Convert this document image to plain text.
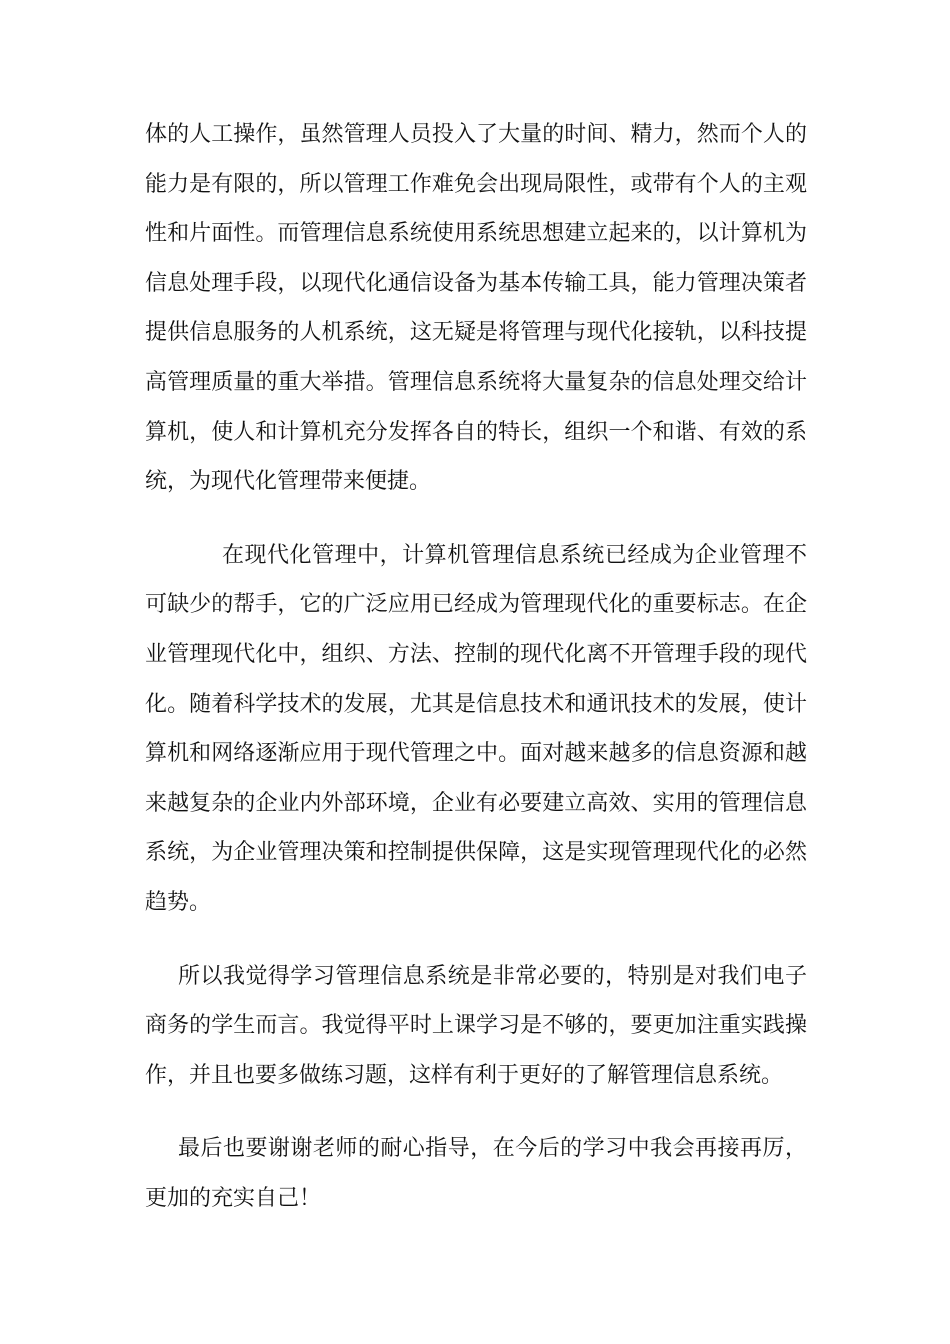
体的人工操作，虽然管理人员投入了大量的时间、精力，然而个人的能力是有限的，所以管理工作难免会出现局限性，或带有个人的主观性和片面性。而管理信息系统使用系统思想建立起来的，以计算机为信息处理手段，以现代化通信设备为基本传输工具，能力管理决策者提供信息服务的人机系统，这无疑是将管理与现代化接轨，以科技提高管理质量的重大举措。管理信息系统将大量复杂的信息处理交给计算机，使人和计算机充分发挥各自的特长，组织一个和谐、有效的系统，为现代化管理带来便捷。

在现代化管理中，计算机管理信息系统已经成为企业管理不可缺少的帮手，它的广泛应用已经成为管理现代化的重要标志。在企业管理现代化中，组织、方法、控制的现代化离不开管理手段的现代化。随着科学技术的发展，尤其是信息技术和通讯技术的发展，使计算机和网络逐渐应用于现代管理之中。面对越来越多的信息资源和越来越复杂的企业内外部环境，企业有必要建立高效、实用的管理信息系统，为企业管理决策和控制提供保障，这是实现管理现代化的必然趋势。

所以我觉得学习管理信息系统是非常必要的，特别是对我们电子商务的学生而言。我觉得平时上课学习是不够的，要更加注重实践操作，并且也要多做练习题，这样有利于更好的了解管理信息系统。

最后也要谢谢老师的耐心指导，在今后的学习中我会再接再厉，更加的充实自己！
